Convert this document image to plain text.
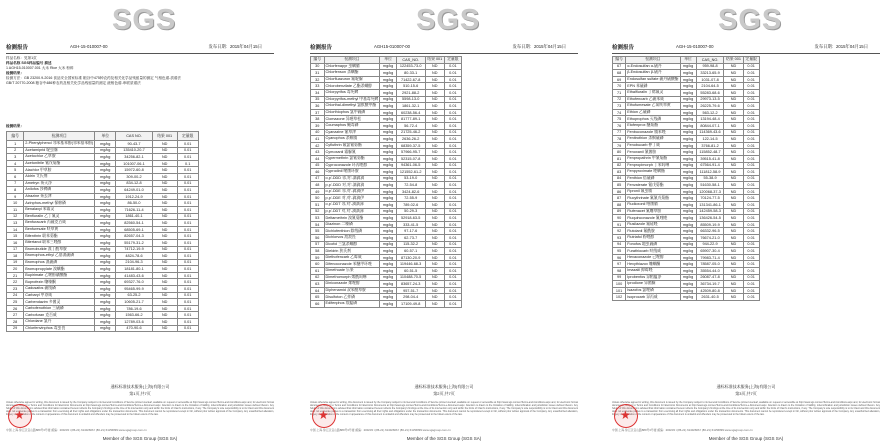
SGS
检测报告	AGH-15-010007-00	发布日期：2015年04月15日
样品名称：见第1页
样品名称 SGS样品编号 描述
1 AGH15-010007.001 大米 Rice 大米 粉碎
检测结果：
检测方法：GB 23200.9-2016 食品安全国家标准 粮谷中475种农药及相关化学品残留量的测定 气相色谱-质谱法
GB/T 20770-2008 粮谷中486种农药及相关化学品残留量的测定 液相色谱-串联质谱法
检测结果：
编号	检测项目	单位	CAS NO.	结果 001	定量限
1	2-Phenylphenol 邻苯基苯酚(邻苯基苯酚)	mg/kg	90-43-7	ND	0.01
2	Acetamiprid 啶虫脒	mg/kg	135410-20-7	ND	0.01
3	Acetochlor 乙草胺	mg/kg	34256-82-1	ND	0.01
4	Acetonitrile 氰戊菊酯	mg/kg	101007-06-1	ND	0.1
5	Alachlor 甲草胺	mg/kg	15972-60-8	ND	0.01
6	Aldrin 艾氏剂	mg/kg	309-00-2	ND	0.01
7	Ametryn 莠灭净	mg/kg	834-12-8	ND	0.01
8	Anilofos 莎稗磷	mg/kg	64249-01-0	ND	0.01
9	Atrazine 莠去津	mg/kg	1912-24-9	ND	0.01
10	Azinphos-methyl 保棉磷	mg/kg	86-50-0	ND	0.01
11	Benalaxyl 苯霜灵	mg/kg	71626-11-4	ND	0.01
12	Benfluralin 乙丁氟灵	mg/kg	1861-40-1	ND	0.01
13	Benfuracarb 丙硫克百威	mg/kg	82560-54-1	ND	0.01
14	Benfuresate 呋草黄	mg/kg	68505-69-1	ND	0.01
15	Bifenthrin 联苯菊酯	mg/kg	82657-04-3	ND	0.01
16	Bitertanol 联苯三唑醇	mg/kg	55179-31-2	ND	0.01
17	Bromobutide 溴丁酰草胺	mg/kg	74712-19-9	ND	0.01
18	Bromophos-ethyl 乙基溴硫磷	mg/kg	4824-78-6	ND	0.01
19	Bromophos 溴硫磷	mg/kg	2104-96-3	ND	0.01
20	Bromopropylate 溴螨酯	mg/kg	18181-80-1	ND	0.01
21	Bupirimate 乙嘧酚磺酸酯	mg/kg	41483-43-6	ND	0.01
22	Buprofezin 噻嗪酮	mg/kg	69327-76-0	ND	0.01
23	Cadusafos 硫线磷	mg/kg	95465-99-9	ND	0.01
24	Carbaryl 甲萘威	mg/kg	63-25-2	ND	0.01
25	Carbendazim 多菌灵	mg/kg	10605-21-7	ND	0.01
26	Carbofenothion 三硫磷	mg/kg	786-19-6	ND	0.01
27	Carbofuran 克百威	mg/kg	1563-66-2	ND	0.01
28	Chlordane 氯丹	mg/kg	12789-03-6	ND	0.01
29	Chlorfenvinphos 毒虫畏	mg/kg	470-90-6	ND	0.01
通标标准技术服务(上海)有限公司
第1页,共7页
Unless otherwise agreed in writing, this document is issued by the Company subject to its General Conditions of Service printed overleaf, available on request or accessible at http://www.sgs.com/en/Terms-and-Conditions.aspx and, for electronic format documents, subject to Terms and Conditions for Electronic Documents at http://www.sgs.com/en/Terms-and-Conditions/Terms-e-Document.aspx. Attention is drawn to the limitation of liability, indemnification and jurisdiction issues defined therein. Any holder of this document is advised that information contained hereon reflects the Company's findings at the time of its intervention only and within the limits of Client's instructions, if any. The Company's sole responsibility is to its Client and this document does not exonerate parties to a transaction from exercising all their rights and obligations under the transaction documents. This document cannot be reproduced except in full, without prior written approval of the Company. Any unauthorized alteration, forgery or falsification of the content or appearance of this document is unlawful and offenders may be prosecuted to the fullest extent of the law.
★
中国·上海·徐汇区宜山路889号3号楼 邮编：200233 t (86-21) 61402666 f (86-21) 61156899 www.sgsgroup.com.cn
Member of the SGS Group (SGS SA)
SGS
检测报告	AGH15-010007-00	发布日期：2015年04月15日
编号	检测项目	单位	CAS_NO.	结果 001	定量限
30	Chlorfenapyr 虫螨腈	mg/kg	122453-73-0	ND	0.01
31	Chlorfenson 杀螨酯	mg/kg	80-33-1	ND	0.01
32	Chlorfluazuron 氟啶脲	mg/kg	71422-67-8	ND	0.01
33	Chlorobenzilate 乙酯杀螨醇	mg/kg	510-15-6	ND	0.01
34	Chlorpyrifos 毒死蜱	mg/kg	2921-88-2	ND	0.01
35	Chlorpyrifos-methyl 甲基毒死蜱	mg/kg	5598-13-0	ND	0.01
36	Chlorthal-dimethyl 氯酞酸甲酯	mg/kg	1861-32-1	ND	0.01
37	Chlorthiophos 氯甲硫磷	mg/kg	60238-56-4	ND	0.01
38	Clomazone 异噁草松	mg/kg	81777-89-1	ND	0.01
39	Coumaphos 蝇毒磷	mg/kg	56-72-4	ND	0.01
40	Cyanazine 氰草津	mg/kg	21725-46-2	ND	0.01
41	Cyanophos 杀螟腈	mg/kg	2636-26-2	ND	0.01
42	Cyfluthrin 氟氯氰菊酯	mg/kg	68359-37-5	ND	0.01
43	Cymoxanil 霜脲氰	mg/kg	57966-95-7	ND	0.01
44	Cypermethrin 氯氰菊酯	mg/kg	52315-07-8	ND	0.01
45	Cyproconazole 环丙唑醇	mg/kg	94361-06-5	ND	0.01
46	Cyprodinil 嘧菌环胺	mg/kg	121552-61-2	ND	0.01
47	o,p'-DDD 邻,对'-滴滴滴	mg/kg	53-19-0	ND	0.01
48	p,p'-DDD 对,对'-滴滴滴	mg/kg	72-54-8	ND	0.01
49	o,p'-DDE 邻,对'-滴滴伊	mg/kg	3424-82-6	ND	0.01
50	p,p'-DDE 对,对'-滴滴伊	mg/kg	72-55-9	ND	0.01
51	o,p'-DDT 邻,对'-滴滴涕	mg/kg	789-02-6	ND	0.01
52	p,p'-DDT 对,对'-滴滴涕	mg/kg	50-29-3	ND	0.01
53	Deltamethrin 溴氰菊酯	mg/kg	52918-63-5	ND	0.01
54	Diazinon 二嗪磷	mg/kg	333-41-5	ND	0.01
55	Dichlofenthion 除线磷	mg/kg	97-17-6	ND	0.01
56	Dichlorvos 敌敌畏	mg/kg	62-73-7	ND	0.01
57	Dicofol 三氯杀螨醇	mg/kg	115-32-2	ND	0.01
58	Dieldrin 狄氏剂	mg/kg	60-57-1	ND	0.01
59	Diethofencarb 乙霉威	mg/kg	87130-20-9	ND	0.01
60	Difenoconazole 苯醚甲环唑	mg/kg	119446-68-3	ND	0.01
61	Dimethoate 乐果	mg/kg	60-51-5	ND	0.01
62	Dimethomorph 烯酰吗啉	mg/kg	110488-70-5	ND	0.01
63	Diniconazole 烯唑醇	mg/kg	83657-24-3	ND	0.01
64	Diphenamid 双苯酰草胺	mg/kg	957-51-7	ND	0.01
65	Disulfoton 乙拌磷	mg/kg	298-04-4	ND	0.01
66	Edifenphos 敌瘟磷	mg/kg	17109-49-8	ND	0.01
通标标准技术服务(上海)有限公司
第2页,共7页
Unless otherwise agreed in writing, this document is issued by the Company subject to its General Conditions of Service printed overleaf, available on request or accessible at http://www.sgs.com/en/Terms-and-Conditions.aspx and, for electronic format documents, subject to Terms and Conditions for Electronic Documents at http://www.sgs.com/en/Terms-and-Conditions/Terms-e-Document.aspx. Attention is drawn to the limitation of liability, indemnification and jurisdiction issues defined therein. Any holder of this document is advised that information contained hereon reflects the Company's findings at the time of its intervention only and within the limits of Client's instructions, if any. The Company's sole responsibility is to its Client and this document does not exonerate parties to a transaction from exercising all their rights and obligations under the transaction documents. This document cannot be reproduced except in full, without prior written approval of the Company. Any unauthorized alteration, forgery or falsification of the content or appearance of this document is unlawful and offenders may be prosecuted to the fullest extent of the law.
★
中国·上海·徐汇区宜山路889号3号楼 邮编：200233 t (86-21) 61402666 f (86-21) 61156899 www.sgsgroup.com.cn
Member of the SGS Group (SGS SA)
SGS
检测报告	AGH-15-010007-00	发布日期：2015年04月15日
编号	检测项目	单位	CAS_NO.	结果 001	定量限
67	α-Endosulfan α-硫丹	mg/kg	959-98-8	ND	0.01
68	β-Endosulfan β-硫丹	mg/kg	33213-65-9	ND	0.01
69	Endosulfan sulfate 硫丹硫酸酯	mg/kg	1031-07-8	ND	0.01
70	EPN 苯硫磷	mg/kg	2104-64-5	ND	0.01
71	Ethalfluralin 丁烯氟灵	mg/kg	55283-68-6	ND	0.01
72	Ethofencarb 乙硫苯威	mg/kg	29973-13-5	ND	0.01
73	Ethofumesate 乙氧呋草黄	mg/kg	26225-79-6	ND	0.01
74	Ethion 乙硫磷	mg/kg	563-12-2	ND	0.01
75	Ethoprophos 灭线磷	mg/kg	13194-48-4	ND	0.01
76	Etofenprox 醚菊酯	mg/kg	80844-07-1	ND	0.01
77	Fenbuconazole 腈苯唑	mg/kg	114369-43-6	ND	0.01
78	Fenitrothion 杀螟硫磷	mg/kg	122-14-5	ND	0.01
79	Fenobucarb 仲丁威	mg/kg	3766-81-2	ND	0.01
80	Fenoxanil 氰菌胺	mg/kg	115852-48-7	ND	0.01
81	Fenpropathrin 甲氰菊酯	mg/kg	39515-41-8	ND	0.01
82	Fenpropimorph 丁苯吗啉	mg/kg	67564-91-4	ND	0.01
83	Fenpyroximate 唑螨酯	mg/kg	111812-58-9	ND	0.01
84	Fenthion 倍硫磷	mg/kg	55-38-9	ND	0.01
85	Fenvalerate 氰戊菊酯	mg/kg	51630-58-1	ND	0.01
86	Fipronil 氟虫腈	mg/kg	120068-37-3	ND	0.01
87	Flucythrinate 氟氰戊菊酯	mg/kg	70124-77-5	ND	0.01
88	Fludioxonil 咯菌腈	mg/kg	131341-86-1	ND	0.01
89	Flufenacet 氟噻草胺	mg/kg	142459-58-3	ND	0.01
90	Fluquinconazole 氟喹唑	mg/kg	136426-54-5	ND	0.01
91	Flusilazole 氟硅唑	mg/kg	85509-19-9	ND	0.01
92	Flutolanil 氟酰胺	mg/kg	66332-96-5	ND	0.01
93	Flutriafol 粉唑醇	mg/kg	76674-21-0	ND	0.01
94	Fonofos 地虫硫磷	mg/kg	944-22-9	ND	0.01
95	Furathiocarb 呋线威	mg/kg	65907-30-4	ND	0.01
96	Hexaconazole 己唑醇	mg/kg	79983-71-4	ND	0.01
97	Hexythiazox 噻螨酮	mg/kg	78587-05-0	ND	0.01
98	Imazalil 抑霉唑	mg/kg	35554-44-0	ND	0.01
99	Iprobenfos 异稻瘟净	mg/kg	26087-47-8	ND	0.01
100	Iprodione 异菌脲	mg/kg	36734-19-7	ND	0.01
101	Isazofos 氯唑磷	mg/kg	42509-80-8	ND	0.01
102	Isoprocarb 异丙威	mg/kg	2631-40-5	ND	0.01
通标标准技术服务(上海)有限公司
第3页,共7页
Unless otherwise agreed in writing, this document is issued by the Company subject to its General Conditions of Service printed overleaf, available on request or accessible at http://www.sgs.com/en/Terms-and-Conditions.aspx and, for electronic format documents, subject to Terms and Conditions for Electronic Documents at http://www.sgs.com/en/Terms-and-Conditions/Terms-e-Document.aspx. Attention is drawn to the limitation of liability, indemnification and jurisdiction issues defined therein. Any holder of this document is advised that information contained hereon reflects the Company's findings at the time of its intervention only and within the limits of Client's instructions, if any. The Company's sole responsibility is to its Client and this document does not exonerate parties to a transaction from exercising all their rights and obligations under the transaction documents. This document cannot be reproduced except in full, without prior written approval of the Company. Any unauthorized alteration, forgery or falsification of the content or appearance of this document is unlawful and offenders may be prosecuted to the fullest extent of the law.
★
中国·上海·徐汇区宜山路889号3号楼 邮编：200233 t (86-21) 61402666 f (86-21) 61156899 www.sgsgroup.com.cn
Member of the SGS Group (SGS SA)
